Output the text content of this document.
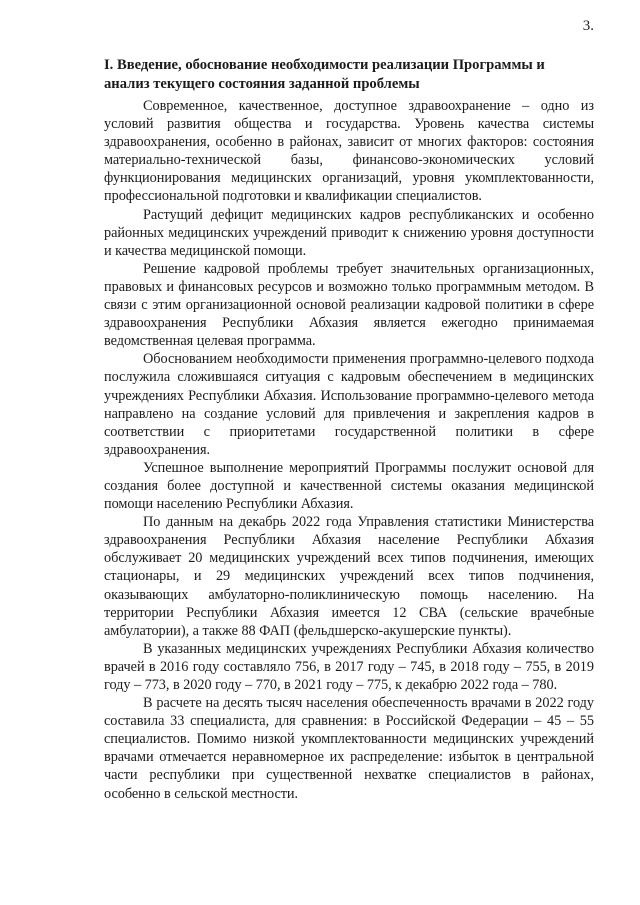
3.
I. Введение, обоснование необходимости реализации Программы и анализ текущего состояния заданной проблемы

Современное, качественное, доступное здравоохранение – одно из условий развития общества и государства. Уровень качества системы здравоохранения, особенно в районах, зависит от многих факторов: состояния материально-технической базы, финансово-экономических условий функционирования медицинских организаций, уровня укомплектованности, профессиональной подготовки и квалификации специалистов.

Растущий дефицит медицинских кадров республиканских и особенно районных медицинских учреждений приводит к снижению уровня доступности и качества медицинской помощи.

Решение кадровой проблемы требует значительных организационных, правовых и финансовых ресурсов и возможно только программным методом. В связи с этим организационной основой реализации кадровой политики в сфере здравоохранения Республики Абхазия является ежегодно принимаемая ведомственная целевая программа.

Обоснованием необходимости применения программно-целевого подхода послужила сложившаяся ситуация с кадровым обеспечением в медицинских учреждениях Республики Абхазия. Использование программно-целевого метода направлено на создание условий для привлечения и закрепления кадров в соответствии с приоритетами государственной политики в сфере здравоохранения.

Успешное выполнение мероприятий Программы послужит основой для создания более доступной и качественной системы оказания медицинской помощи населению Республики Абхазия.

По данным на декабрь 2022 года Управления статистики Министерства здравоохранения Республики Абхазия население Республики Абхазия обслуживает 20 медицинских учреждений всех типов подчинения, имеющих стационары, и 29 медицинских учреждений всех типов подчинения, оказывающих амбулаторно-поликлиническую помощь населению. На территории Республики Абхазия имеется 12 СВА (сельские врачебные амбулатории), а также 88 ФАП (фельдшерско-акушерские пункты).

В указанных медицинских учреждениях Республики Абхазия количество врачей в 2016 году составляло 756, в 2017 году – 745, в 2018 году – 755, в 2019 году – 773, в 2020 году – 770, в 2021 году – 775, к декабрю 2022 года – 780.

В расчете на десять тысяч населения обеспеченность врачами в 2022 году составила 33 специалиста, для сравнения: в Российской Федерации – 45 – 55 специалистов. Помимо низкой укомплектованности медицинских учреждений врачами отмечается неравномерное их распределение: избыток в центральной части республики при существенной нехватке специалистов в районах, особенно в сельской местности.
